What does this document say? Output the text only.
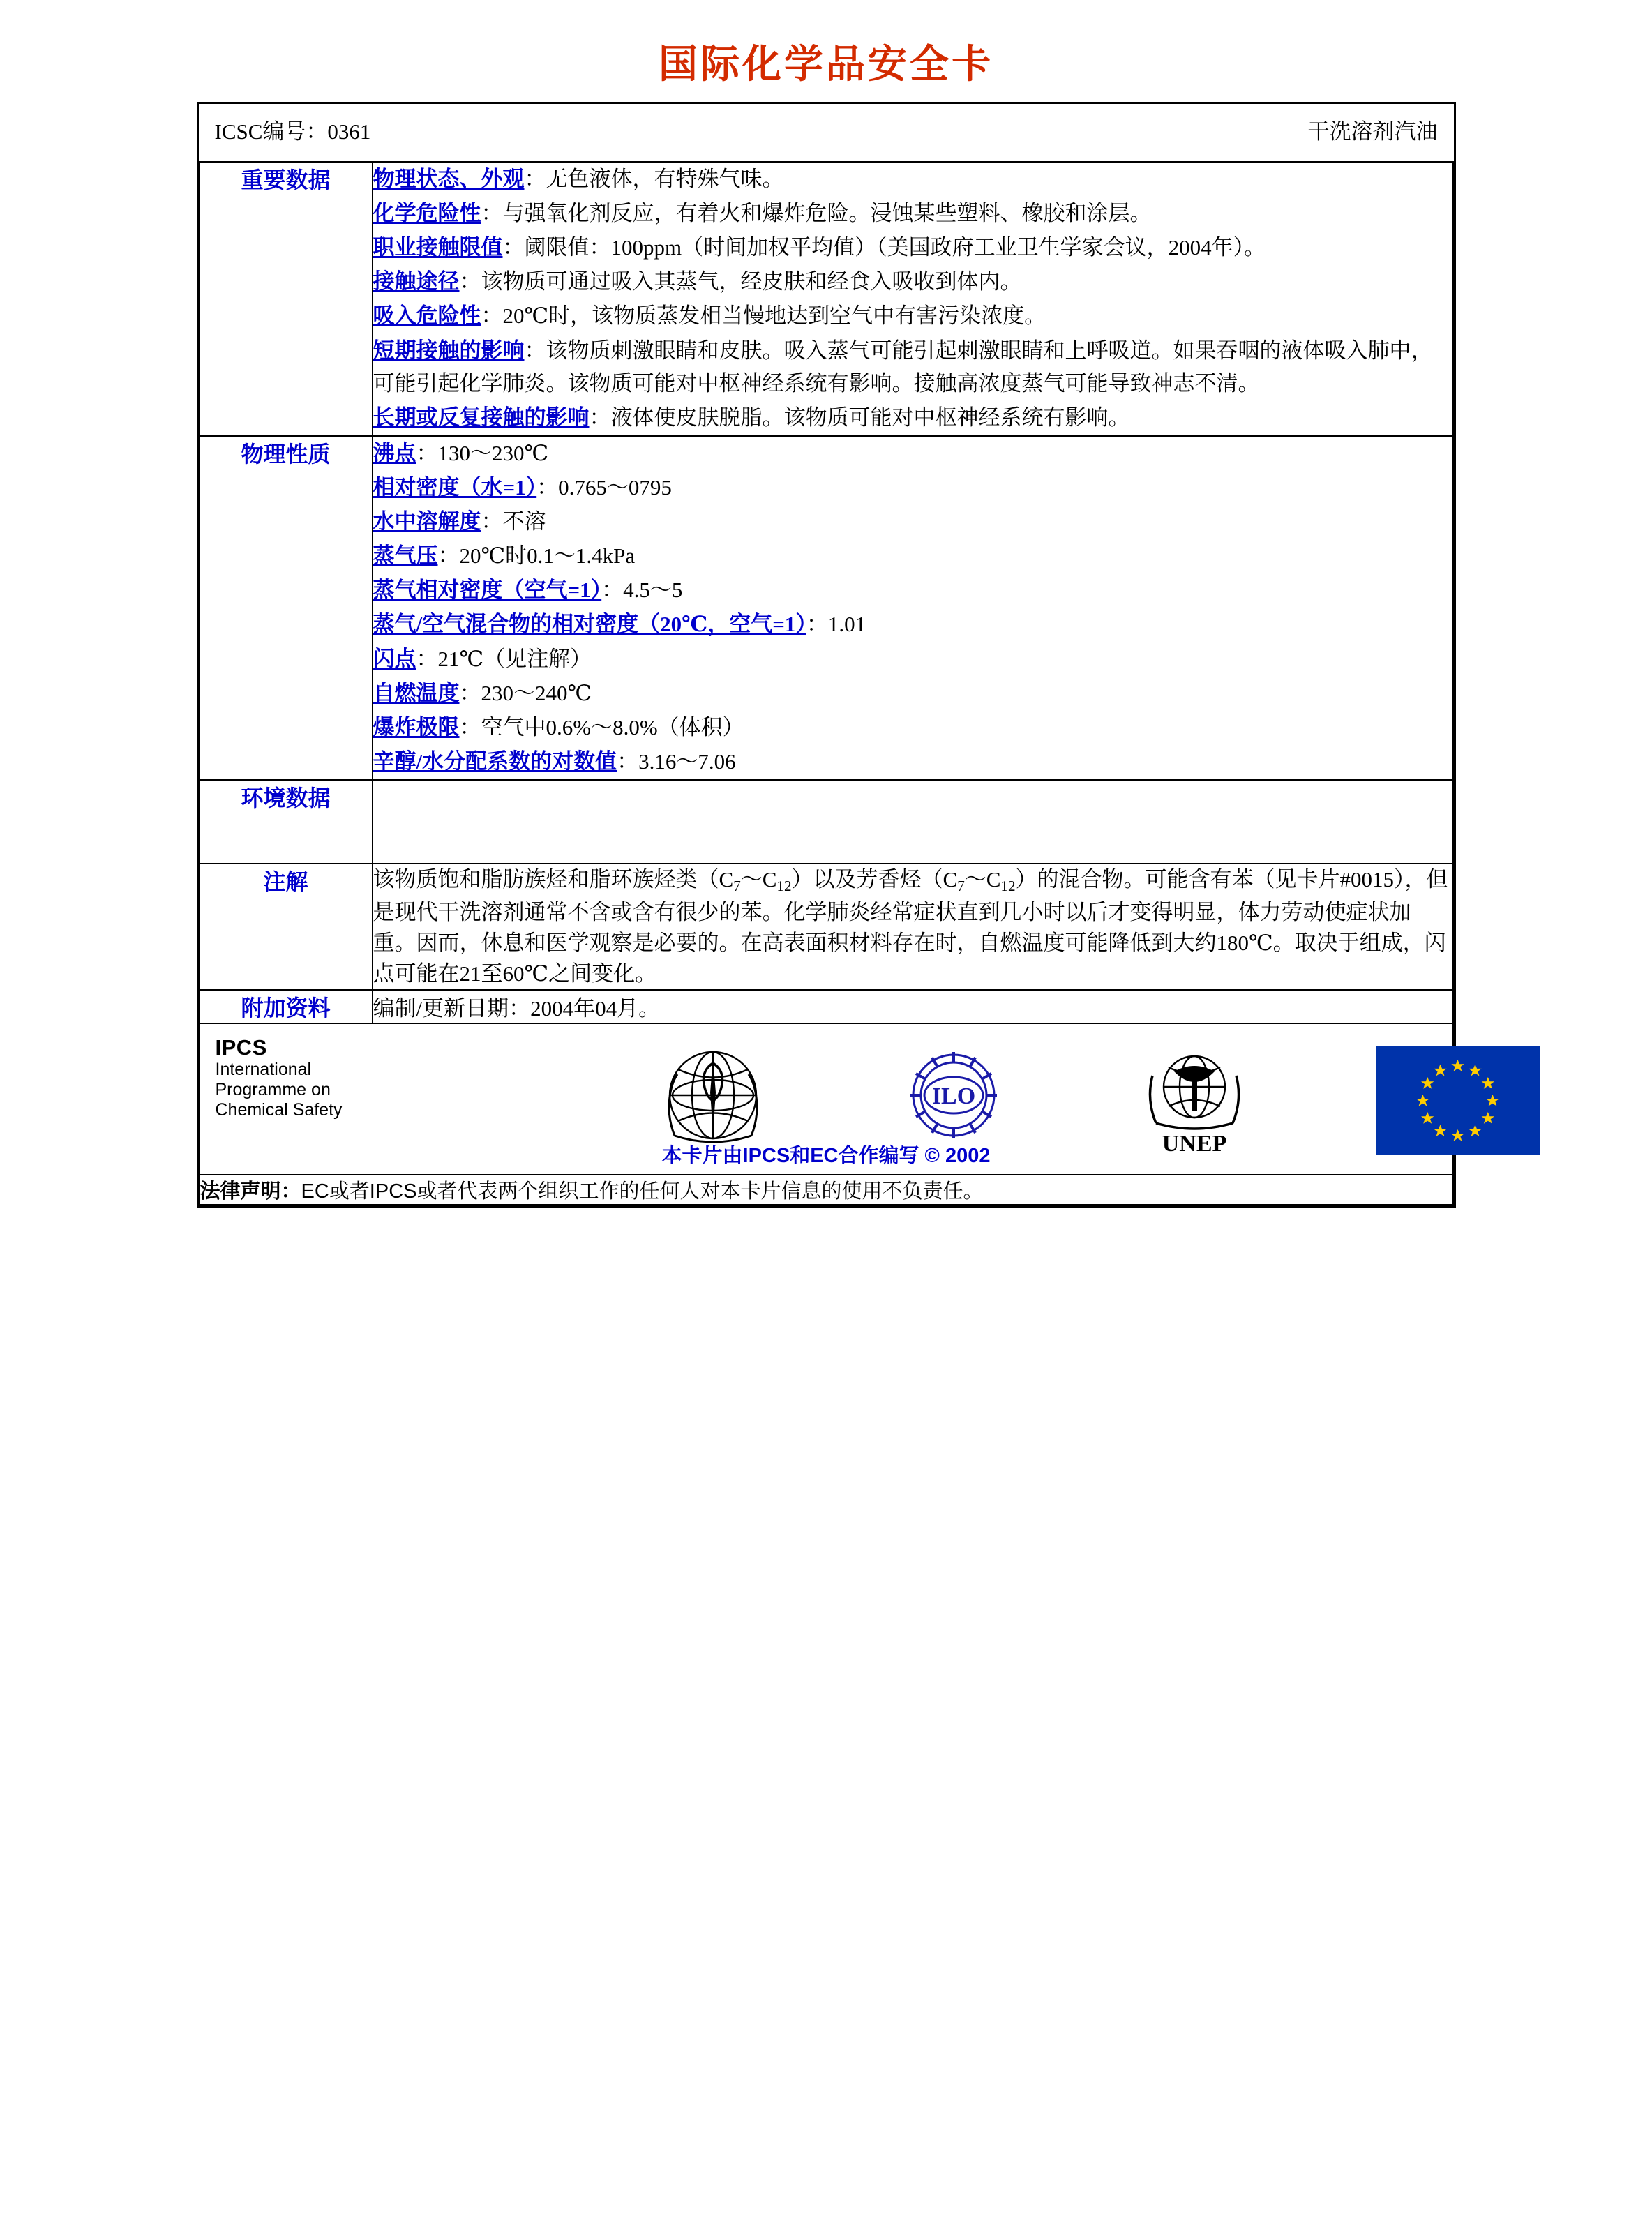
国际化学品安全卡
ICSC编号：0361 干洗溶剂汽油	

重要数据	物理状态、外观：无色液体，有特殊气味。

化学危险性：与强氧化剂反应，有着火和爆炸危险。浸蚀某些塑料、橡胶和涂层。

职业接触限值：阈限值：100ppm（时间加权平均值）（美国政府工业卫生学家会议，2004年）。

接触途径：该物质可通过吸入其蒸气，经皮肤和经食入吸收到体内。

吸入危险性：20℃时，该物质蒸发相当慢地达到空气中有害污染浓度。

短期接触的影响：该物质刺激眼睛和皮肤。吸入蒸气可能引起刺激眼睛和上呼吸道。如果吞咽的液体吸入肺中，可能引起化学肺炎。该物质可能对中枢神经系统有影响。接触高浓度蒸气可能导致神志不清。

长期或反复接触的影响：液体使皮肤脱脂。该物质可能对中枢神经系统有影响。

物理性质	沸点：130～230℃

相对密度（水=1）：0.765～0795

水中溶解度：不溶

蒸气压：20℃时0.1～1.4kPa

蒸气相对密度（空气=1）：4.5～5

蒸气/空气混合物的相对密度（20℃，空气=1）：1.01

闪点：21℃（见注解）

自燃温度：230～240℃

爆炸极限：空气中0.6%～8.0%（体积）

辛醇/水分配系数的对数值：3.16～7.06

环境数据	
注解	该物质饱和脂肪族烃和脂环族烃类$(C_7\sim C_{12})$以及芳香烃$(C_7\sim C_{12})$的混合物。可能含有苯（见卡片#0015），但是现代干洗溶剂通常不含或含有很少的苯。化学肺炎经常症状直到几小时以后才变得明显，体力劳动使症状加重。因而，休息和医学观察是必要的。在高表面积材料存在时，自燃温度可能降低到大约180℃。取决于组成，闪点可能在21至60℃之间变化。
附加资料	编制/更新日期：2004年04月。

IPCS
International
Programme on
Chemical Safety
ILO
UNEP
本卡片由IPCS和EC合作编写 © 2002

法律声明：EC或者IPCS或者代表两个组织工作的任何人对本卡片信息的使用不负责任。	
